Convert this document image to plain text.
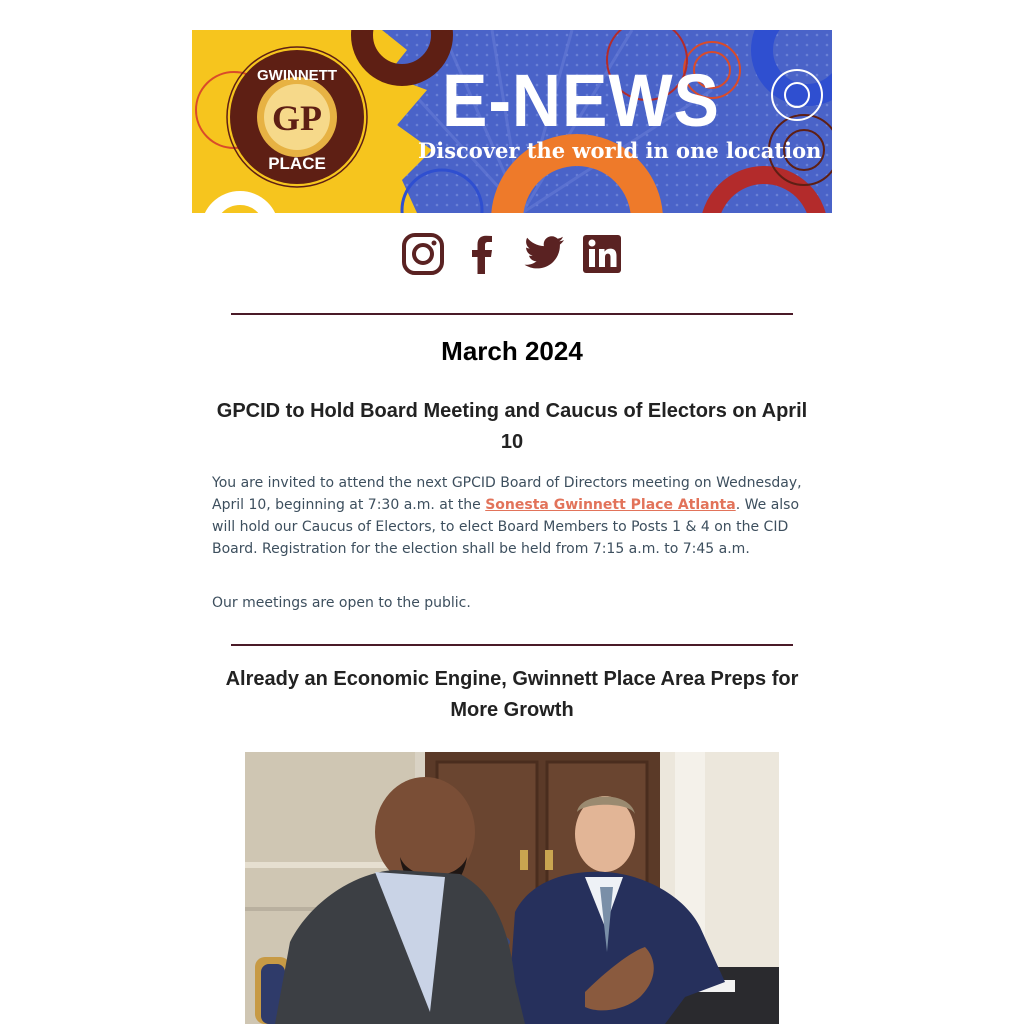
GWINNETT
PLACE
GP E-NEWS
Discover the world in one location
March 2024
GPCID to Hold Board Meeting and Caucus of Electors on April 10
You are invited to attend the next GPCID Board of Directors meeting on Wednesday, April 10, beginning at 7:30 a.m. at the Sonesta Gwinnett Place Atlanta. We also will hold our Caucus of Electors, to elect Board Members to Posts 1 & 4 on the CID Board. Registration for the election shall be held from 7:15 a.m. to 7:45 a.m.
Our meetings are open to the public.
Already an Economic Engine, Gwinnett Place Area Preps for More Growth
